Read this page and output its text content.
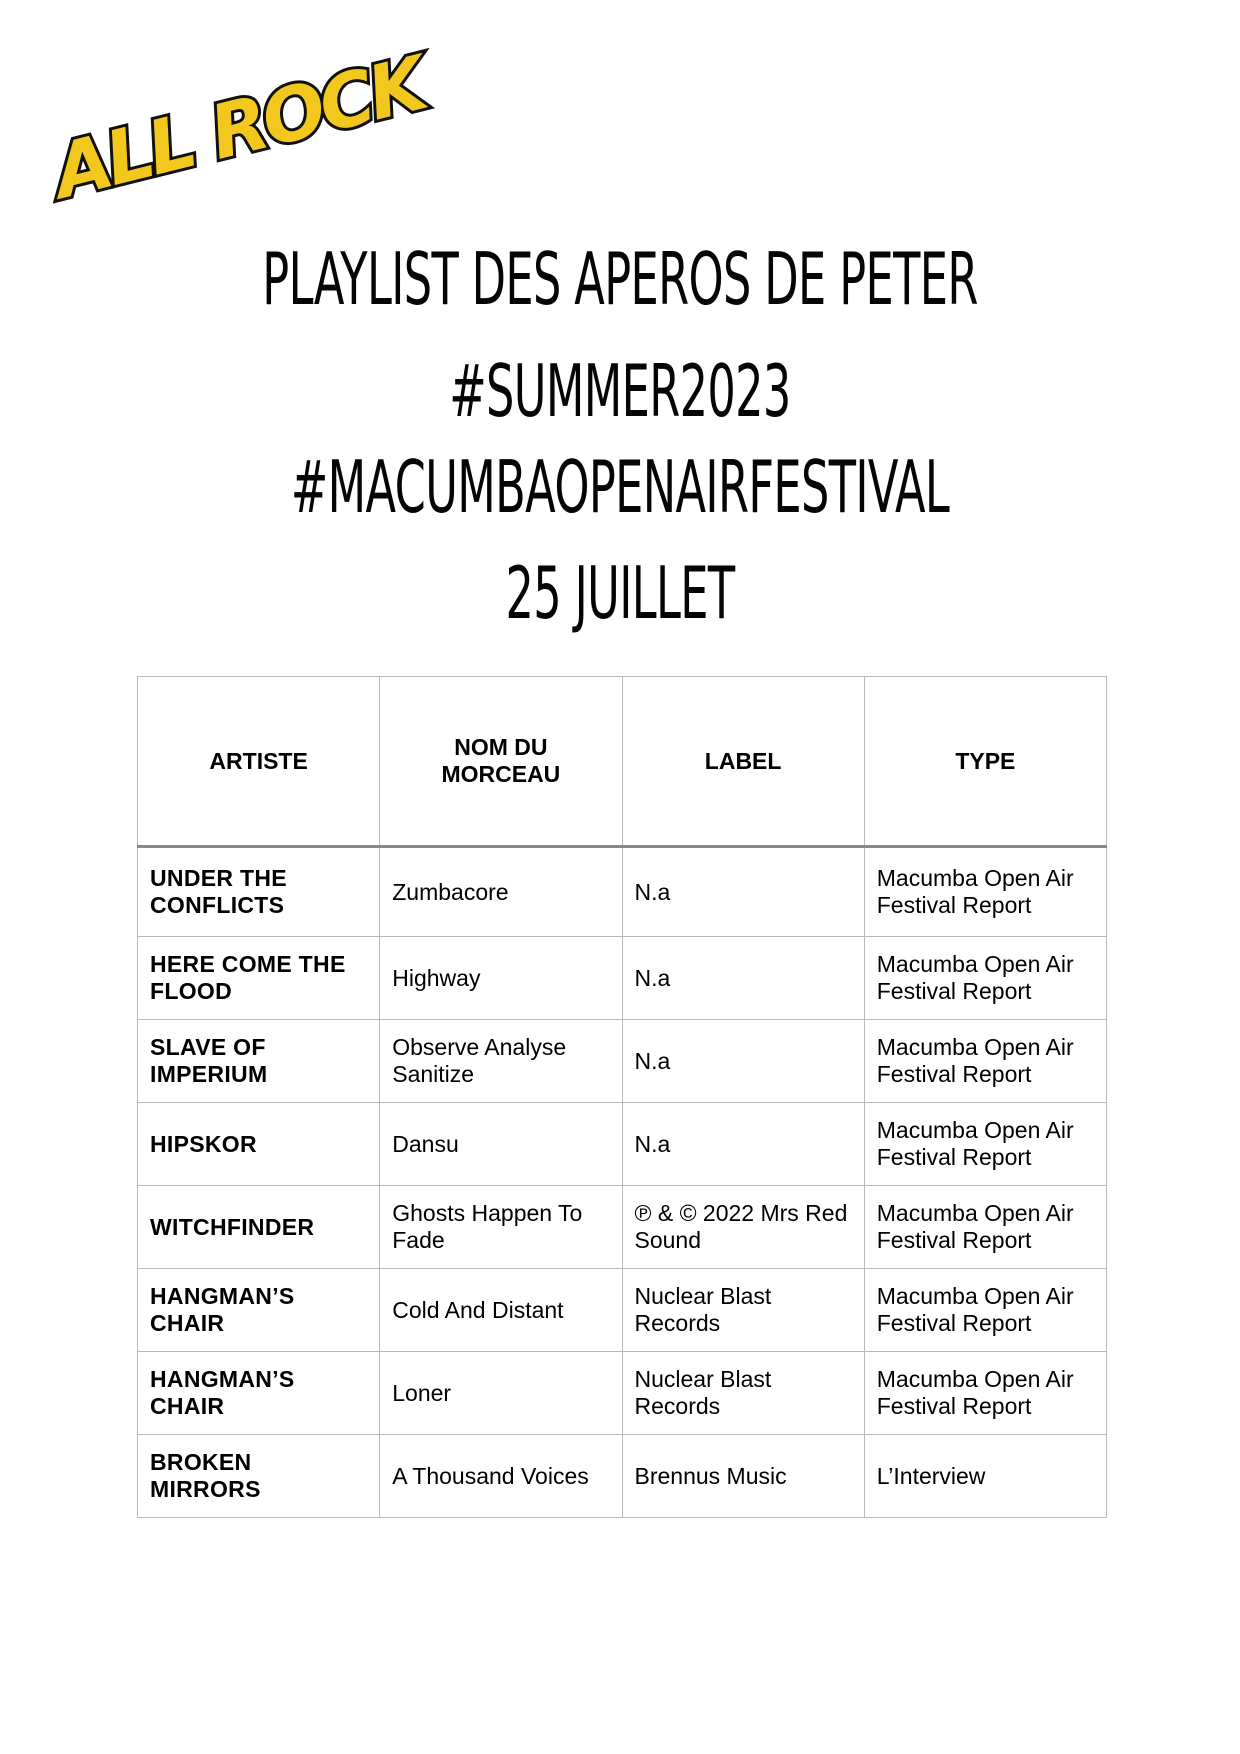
ALL ROCK
PLAYLIST DES APEROS DE PETER
#SUMMER2023
#MACUMBAOPENAIRFESTIVAL
25 JUILLET
ARTISTE	NOM DU MORCEAU	LABEL	TYPE
UNDER THE CONFLICTS	Zumbacore	N.a	Macumba Open Air Festival Report
HERE COME THE FLOOD	Highway	N.a	Macumba Open Air Festival Report
SLAVE OF IMPERIUM	Observe Analyse Sanitize	N.a	Macumba Open Air Festival Report
HIPSKOR	Dansu	N.a	Macumba Open Air Festival Report
WITCHFINDER	Ghosts Happen To Fade	℗ & © 2022 Mrs Red Sound	Macumba Open Air Festival Report
HANGMAN’S CHAIR	Cold And Distant	Nuclear Blast Records	Macumba Open Air Festival Report
HANGMAN’S CHAIR	Loner	Nuclear Blast Records	Macumba Open Air Festival Report
BROKEN MIRRORS	A Thousand Voices	Brennus Music	L’Interview
